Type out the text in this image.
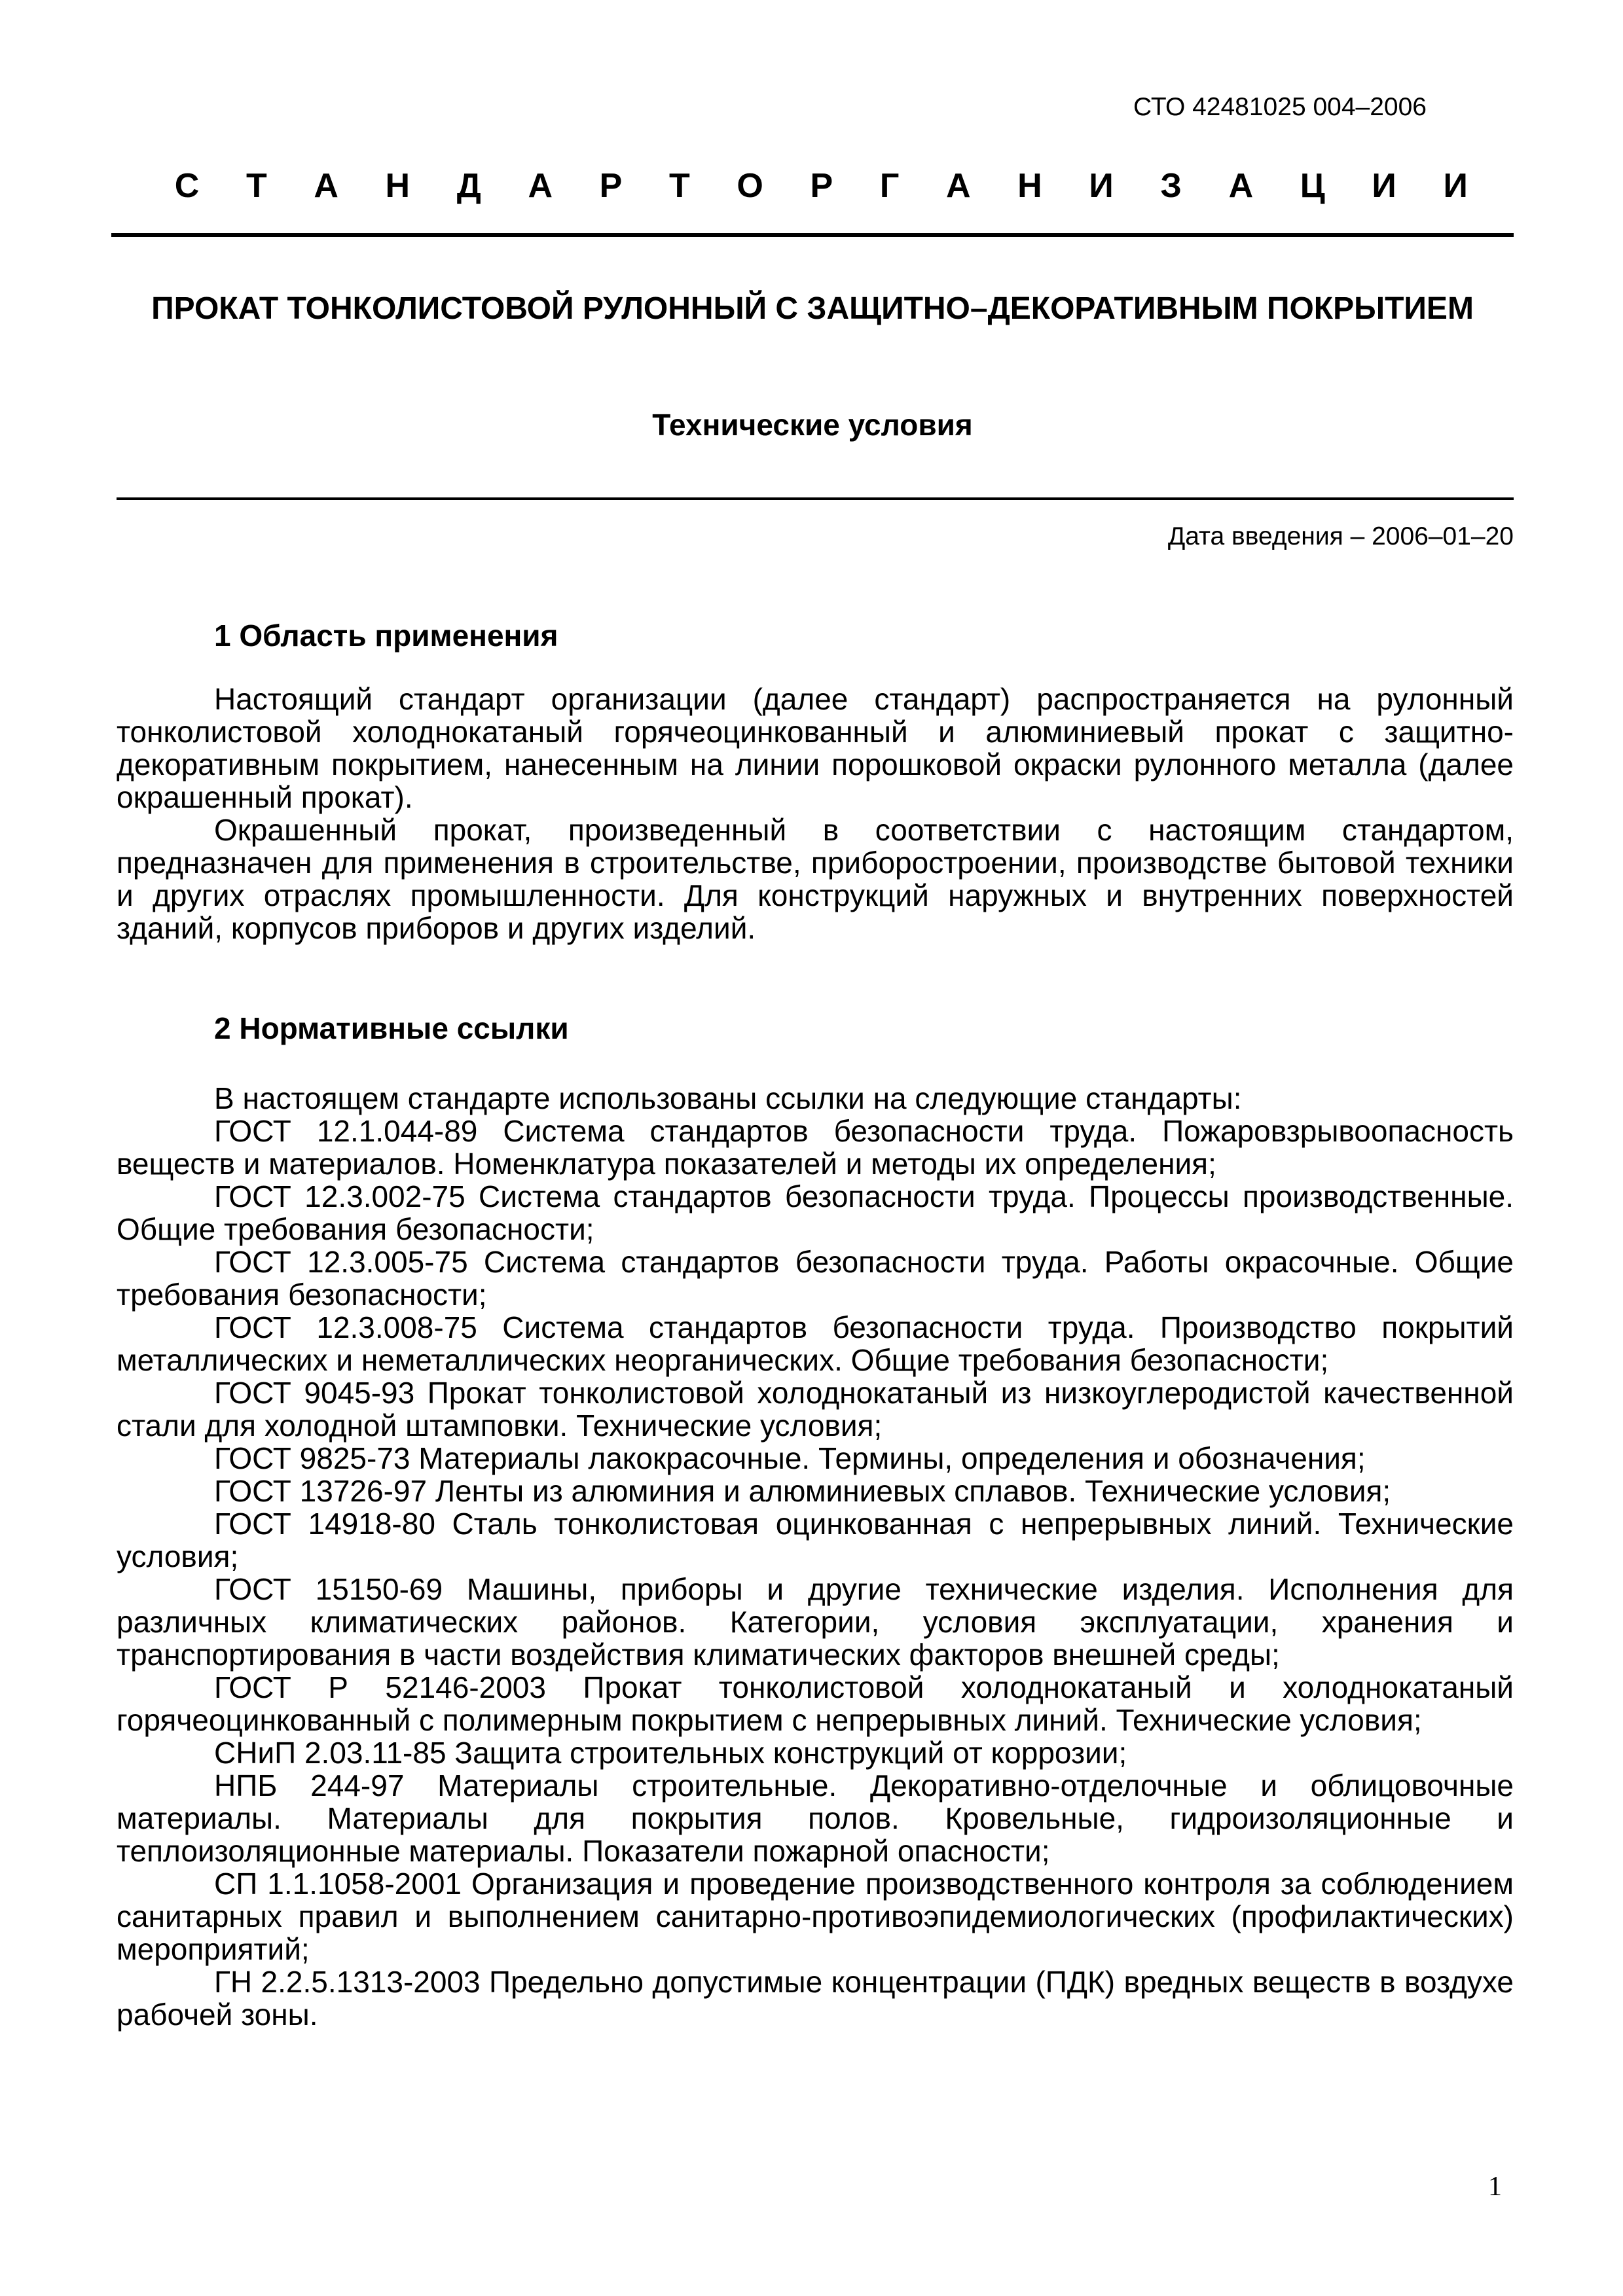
СТО 42481025 004–2006
С Т А Н Д А Р Т О Р Г А Н И З А Ц И И
ПРОКАТ ТОНКОЛИСТОВОЙ РУЛОННЫЙ С ЗАЩИТНО–ДЕКОРАТИВНЫМ ПОКРЫТИЕМ
Технические условия
Дата введения – 2006–01–20
1 Область применения

Настоящий стандарт организации (далее стандарт) распространяется на рулонный тонколистовой холоднокатаный горячеоцинкованный и алюминиевый прокат с защитно-декоративным покрытием, нанесенным на линии порошковой окраски рулонного металла (далее окрашенный прокат).

Окрашенный прокат, произведенный в соответствии с настоящим стандартом, предназначен для применения в строительстве, приборостроении, производстве бытовой техники и других отраслях промышленности. Для конструкций наружных и внутренних поверхностей зданий, корпусов приборов и других изделий.

2 Нормативные ссылки

В настоящем стандарте использованы ссылки на следующие стандарты:

ГОСТ 12.1.044-89 Система стандартов безопасности труда. Пожаровзрывоопасность веществ и материалов. Номенклатура показателей и методы их определения;

ГОСТ 12.3.002-75 Система стандартов безопасности труда. Процессы производственные. Общие требования безопасности;

ГОСТ 12.3.005-75 Система стандартов безопасности труда. Работы окрасочные. Общие требования безопасности;

ГОСТ 12.3.008-75 Система стандартов безопасности труда. Производство покрытий металлических и неметаллических неорганических. Общие требования безопасности;

ГОСТ 9045-93 Прокат тонколистовой холоднокатаный из низкоуглеродистой качественной стали для холодной штамповки. Технические условия;

ГОСТ 9825-73 Материалы лакокрасочные. Термины, определения и обозначения;

ГОСТ 13726-97 Ленты из алюминия и алюминиевых сплавов. Технические условия;

ГОСТ 14918-80 Сталь тонколистовая оцинкованная с непрерывных линий. Технические условия;

ГОСТ 15150-69 Машины, приборы и другие технические изделия. Исполнения для различных климатических районов. Категории, условия эксплуатации, хранения и транспортирования в части воздействия климатических факторов внешней среды;

ГОСТ Р 52146-2003 Прокат тонколистовой холоднокатаный и холоднокатаный горячеоцинкованный с полимерным покрытием с непрерывных линий. Технические условия;

СНиП 2.03.11-85 Защита строительных конструкций от коррозии;

НПБ 244-97 Материалы строительные. Декоративно-отделочные и облицовочные материалы. Материалы для покрытия полов. Кровельные, гидроизоляционные и теплоизоляционные материалы. Показатели пожарной опасности;

СП 1.1.1058-2001 Организация и проведение производственного контроля за соблюдением санитарных правил и выполнением санитарно-противоэпидемиологических (профилактических) мероприятий;

ГН 2.2.5.1313-2003 Предельно допустимые концентрации (ПДК) вредных веществ в воздухе рабочей зоны.

1
